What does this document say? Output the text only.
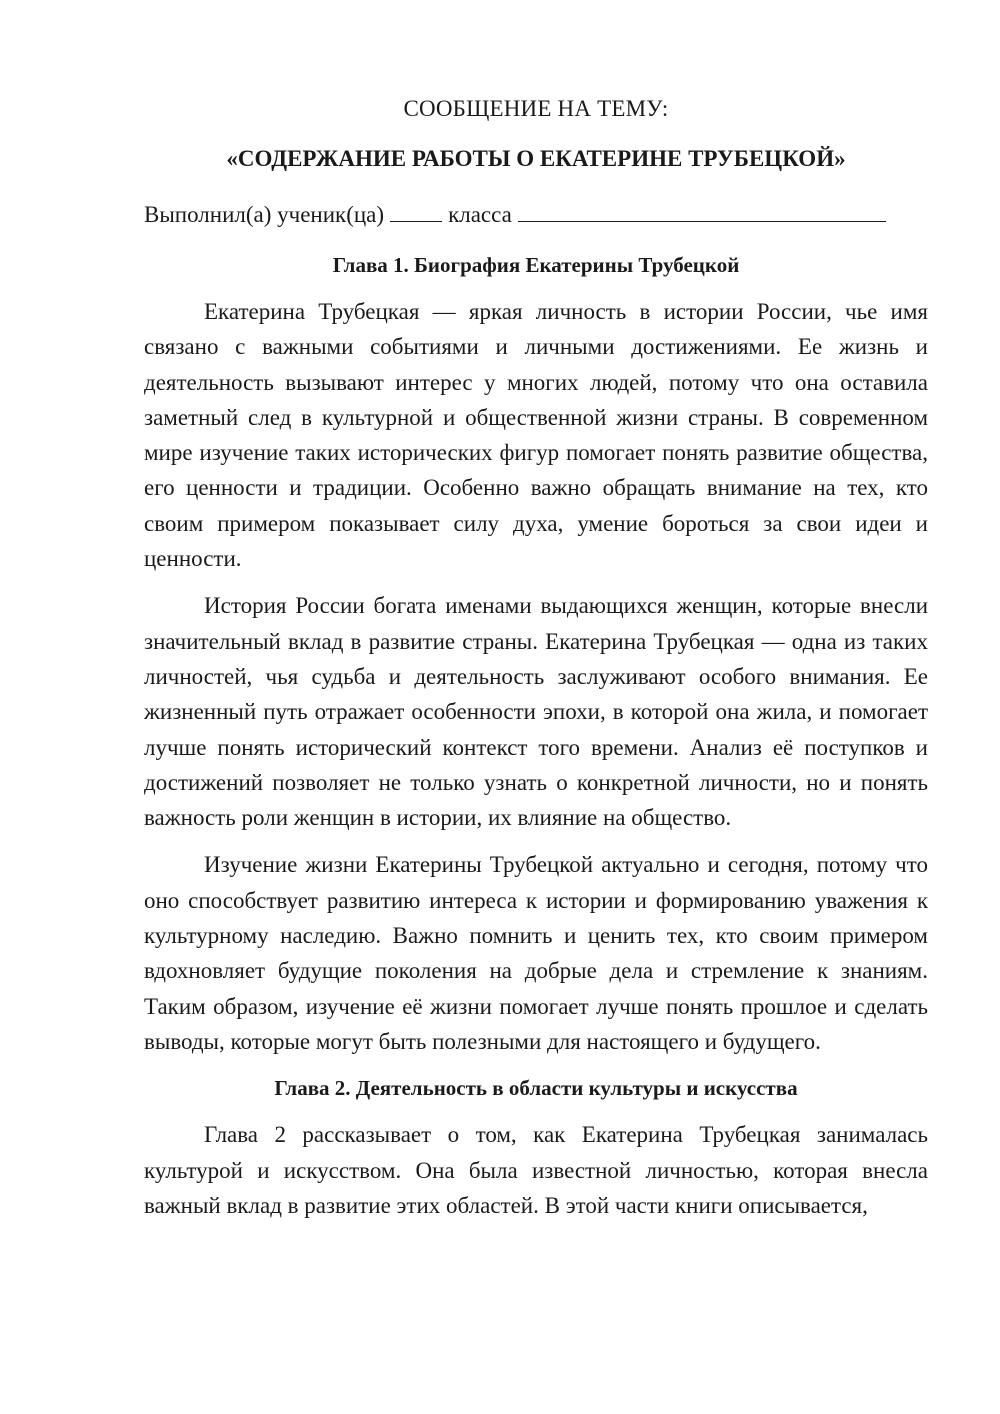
СООБЩЕНИЕ НА ТЕМУ:
«СОДЕРЖАНИЕ РАБОТЫ О ЕКАТЕРИНЕ ТРУБЕЦКОЙ»
Выполнил(а) ученик(ца)	класса
Глава 1. Биография Екатерины Трубецкой

Екатерина Трубецкая — яркая личность в истории России, чье имя связано с важными событиями и личными достижениями. Ее жизнь и деятельность вызывают интерес у многих людей, потому что она оставила заметный след в культурной и общественной жизни страны. В современном мире изучение таких исторических фигур помогает понять развитие общества, его ценности и традиции. Особенно важно обращать внимание на тех, кто своим примером показывает силу духа, умение бороться за свои идеи и ценности.

История России богата именами выдающихся женщин, которые внесли значительный вклад в развитие страны. Екатерина Трубецкая — одна из таких личностей, чья судьба и деятельность заслуживают особого внимания. Ее жизненный путь отражает особенности эпохи, в которой она жила, и помогает лучше понять исторический контекст того времени. Анализ её поступков и достижений позволяет не только узнать о конкретной личности, но и понять важность роли женщин в истории, их влияние на общество.

Изучение жизни Екатерины Трубецкой актуально и сегодня, потому что оно способствует развитию интереса к истории и формированию уважения к культурному наследию. Важно помнить и ценить тех, кто своим примером вдохновляет будущие поколения на добрые дела и стремление к знаниям. Таким образом, изучение её жизни помогает лучше понять прошлое и сделать выводы, которые могут быть полезными для настоящего и будущего.

Глава 2. Деятельность в области культуры и искусства

Глава 2 рассказывает о том, как Екатерина Трубецкая занималась культурой и искусством. Она была известной личностью, которая внесла важный вклад в развитие этих областей. В этой части книги описывается,
